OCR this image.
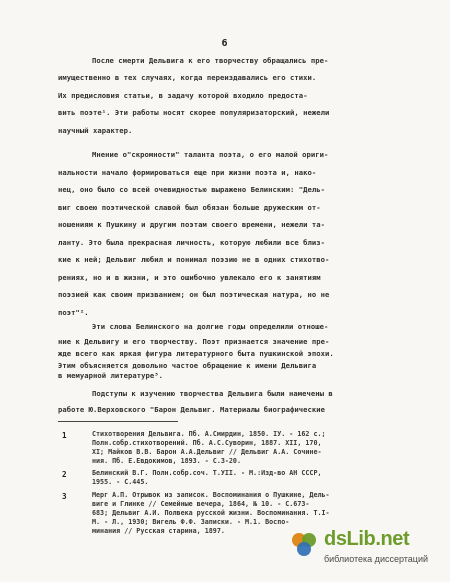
6
После смерти Дельвига к его творчеству обращались пре-
имущественно в тех случаях, когда переиздавались его стихи.
Их предисловия статьи, в задачу которой входило предоста-
вить поэте¹. Эти работы носят скорее популяризаторский, нежели
научный характер.
Мнение о"скромности" таланта поэта, о его малой ориги-
нальности начало формироваться еще при жизни поэта и, нако-
нец, оно было со всей очевидностью выражено Белинским: "Дель-
виг своею поэтической славой был обязан больше дружеским от-
ношениям к Пушкину и другим поэтам своего времени, нежели та-
ланту. Это была прекрасная личность, которую любили все близ-
кие к ней; Дельвиг любил и понимал поэзию не в одних стихотво-
рениях, но и в жизни, и это ошибочно увлекало его к занятиям
поэзией как своим призванием; он был поэтическая натура, но не
поэт"².
Эти слова Белинского на долгие годы определили отноше-
ние к Дельвигу и его творчеству. Поэт признается значение пре-
жде всего как яркая фигура литературного быта пушкинской эпохи.
Этим объясняется довольно частое обращение к имени Дельвига
в мемуарной литературе³.
Подступы к изучению творчества Дельвига были намечены в
1	Стихотворения Дельвига. Пб. А.Смирдин, 1850. ІУ. - 162 с.;
Полн.собр.стихотворений. Пб. А.С.Суворин, 1887. ХІІ, 170,
ХІ; Майков В.В. Барон А.А.Дельвиг // Дельвиг А.А. Сочине-
ния. Пб. Е.Евдокимов, 1893. - С.3-20.
2	Белинский В.Г. Полн.собр.соч. Т.УІІ. - М.:Изд-во АН СССР,
1955. - С.445.
3	Мерг А.П. Отрывок из записок. Воспоминания о Пушкине, Дель-
виге и Глинке // Семейные вечера, 1864, № 10. - С.673-
683; Дельвиг А.И. Полвека русской жизни. Воспоминания. Т.І-
М. - Л., 1930; Вигель Ф.Ф. Записки. - М.1. Воспо-
минания // Русская старина, 1897.	dsLib.net
библиотека диссертаций
работе Ю.Верховского "Барон Дельвиг. Материалы биографические
